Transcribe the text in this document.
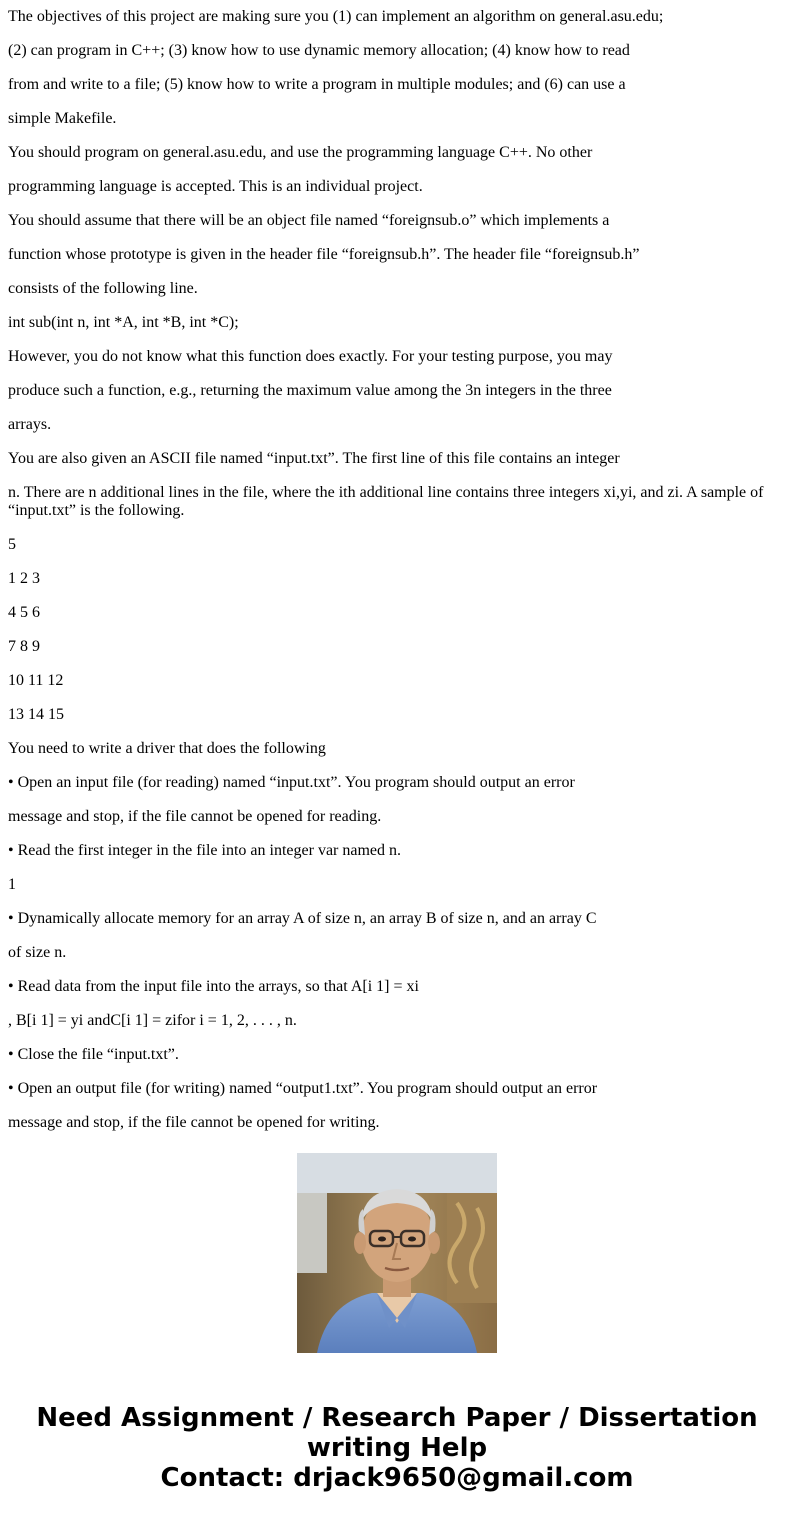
The objectives of this project are making sure you (1) can implement an algorithm on general.asu.edu;

(2) can program in C++; (3) know how to use dynamic memory allocation; (4) know how to read

from and write to a file; (5) know how to write a program in multiple modules; and (6) can use a

simple Makefile.

You should program on general.asu.edu, and use the programming language C++. No other

programming language is accepted. This is an individual project.

You should assume that there will be an object file named “foreignsub.o” which implements a

function whose prototype is given in the header file “foreignsub.h”. The header file “foreignsub.h”

consists of the following line.

int sub(int n, int *A, int *B, int *C);

However, you do not know what this function does exactly. For your testing purpose, you may

produce such a function, e.g., returning the maximum value among the 3n integers in the three

arrays.

You are also given an ASCII file named “input.txt”. The first line of this file contains an integer

n. There are n additional lines in the file, where the ith additional line contains three integers xi,yi, and zi. A sample of “input.txt” is the following.

5

1 2 3

4 5 6

7 8 9

10 11 12

13 14 15

You need to write a driver that does the following

• Open an input file (for reading) named “input.txt”. You program should output an error

message and stop, if the file cannot be opened for reading.

• Read the first integer in the file into an integer var named n.

1

• Dynamically allocate memory for an array A of size n, an array B of size n, and an array C

of size n.

• Read data from the input file into the arrays, so that A[i 1] = xi

, B[i 1] = yi andC[i 1] = zifor i = 1, 2, . . . , n.

• Close the file “input.txt”.

• Open an output file (for writing) named “output1.txt”. You program should output an error

message and stop, if the file cannot be opened for writing.

Need Assignment / Research Paper / Dissertation
writing Help
Contact: drjack9650@gmail.com
